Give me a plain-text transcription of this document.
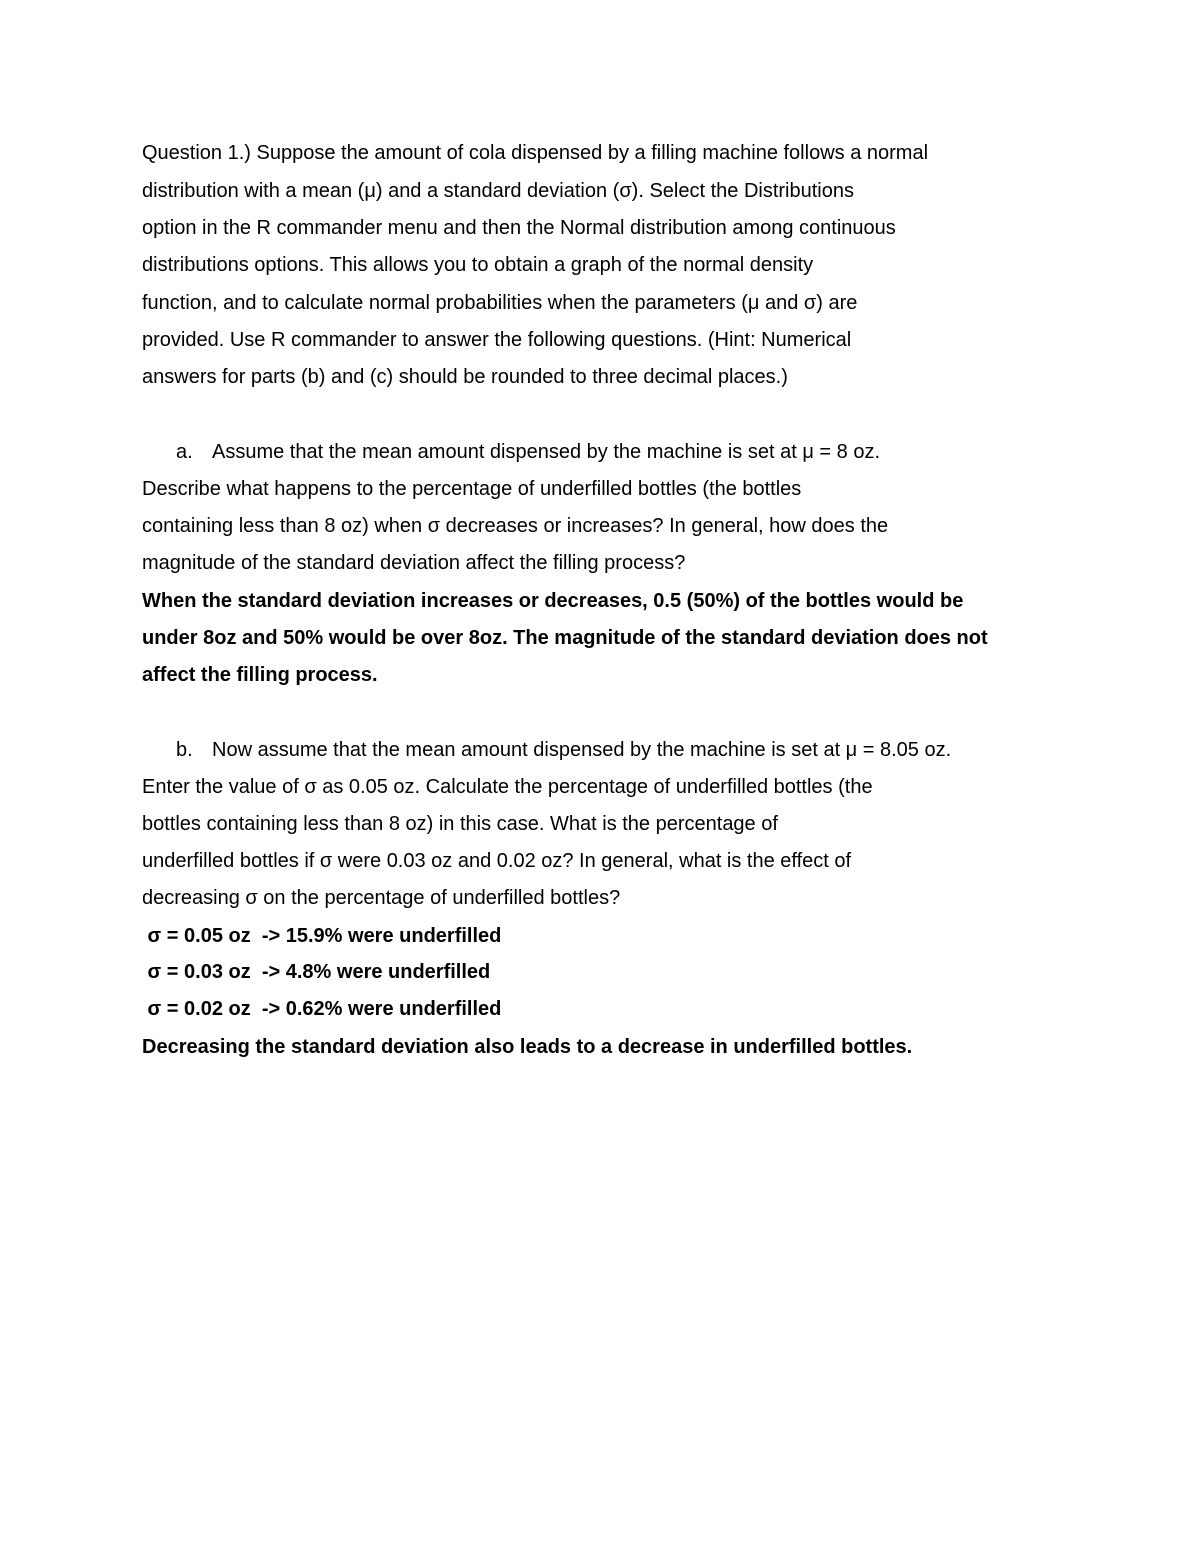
Question 1.) Suppose the amount of cola dispensed by a filling machine follows a normal
distribution with a mean (μ) and a standard deviation (σ). Select the Distributions
option in the R commander menu and then the Normal distribution among continuous
distributions options. This allows you to obtain a graph of the normal density
function, and to calculate normal probabilities when the parameters (μ and σ) are
provided. Use R commander to answer the following questions. (Hint: Numerical
answers for parts (b) and (c) should be rounded to three decimal places.)
a. Assume that the mean amount dispensed by the machine is set at μ = 8 oz.
Describe what happens to the percentage of underfilled bottles (the bottles
containing less than 8 oz) when σ decreases or increases? In general, how does the
magnitude of the standard deviation affect the filling process?
When the standard deviation increases or decreases, 0.5 (50%) of the bottles would be
under 8oz and 50% would be over 8oz. The magnitude of the standard deviation does not
affect the filling process.
b. Now assume that the mean amount dispensed by the machine is set at μ = 8.05 oz.
Enter the value of σ as 0.05 oz. Calculate the percentage of underfilled bottles (the
bottles containing less than 8 oz) in this case. What is the percentage of
underfilled bottles if σ were 0.03 oz and 0.02 oz? In general, what is the effect of
decreasing σ on the percentage of underfilled bottles?
σ = 0.05 oz  -> 15.9% were underfilled
σ = 0.03 oz  -> 4.8% were underfilled
σ = 0.02 oz  -> 0.62% were underfilled
Decreasing the standard deviation also leads to a decrease in underfilled bottles.
